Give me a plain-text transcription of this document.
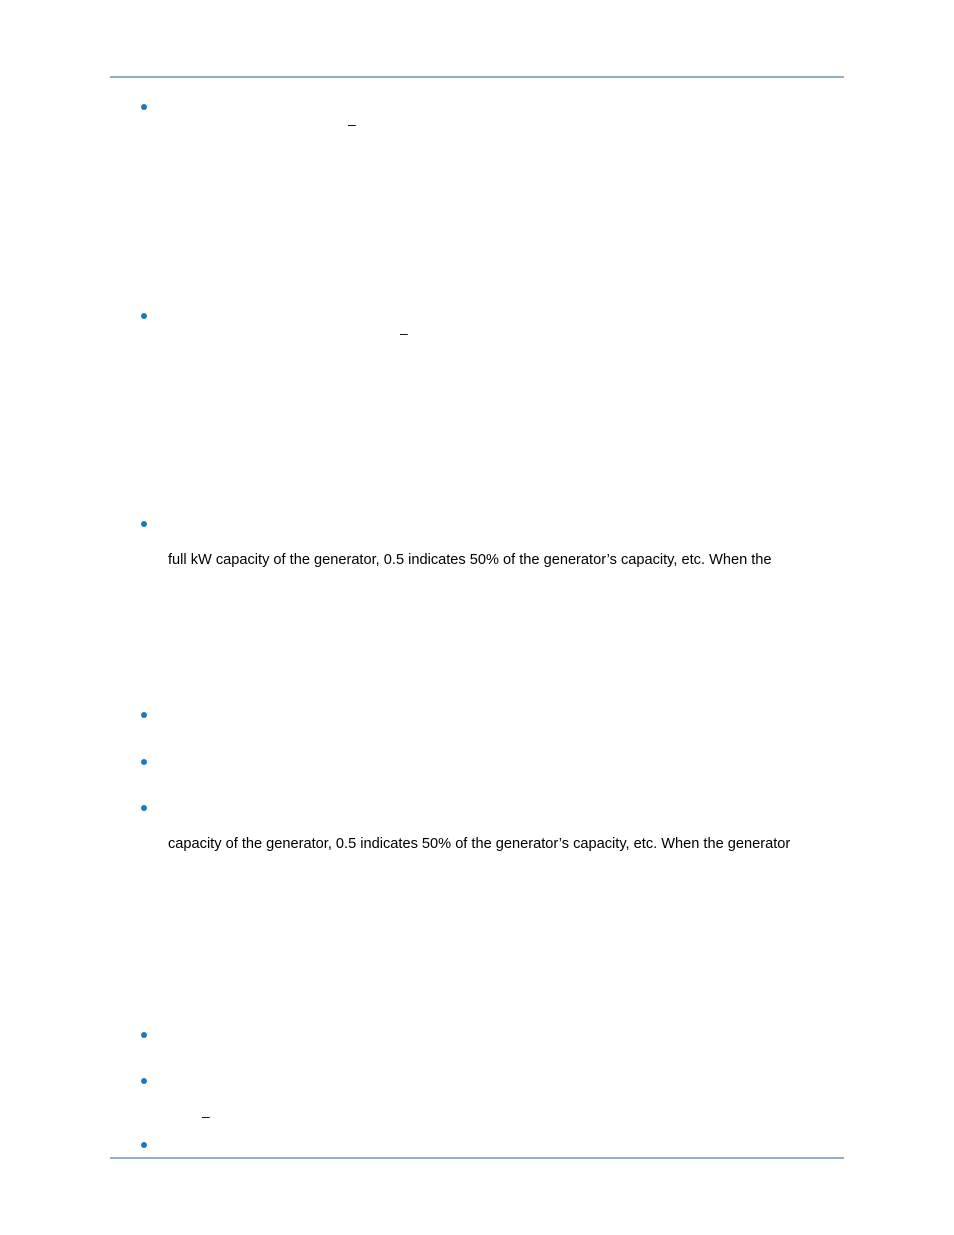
–
–
full kW capacity of the generator, 0.5 indicates 50% of the generator’s capacity, etc. When the
capacity of the generator, 0.5 indicates 50% of the generator’s capacity, etc. When the generator
–
